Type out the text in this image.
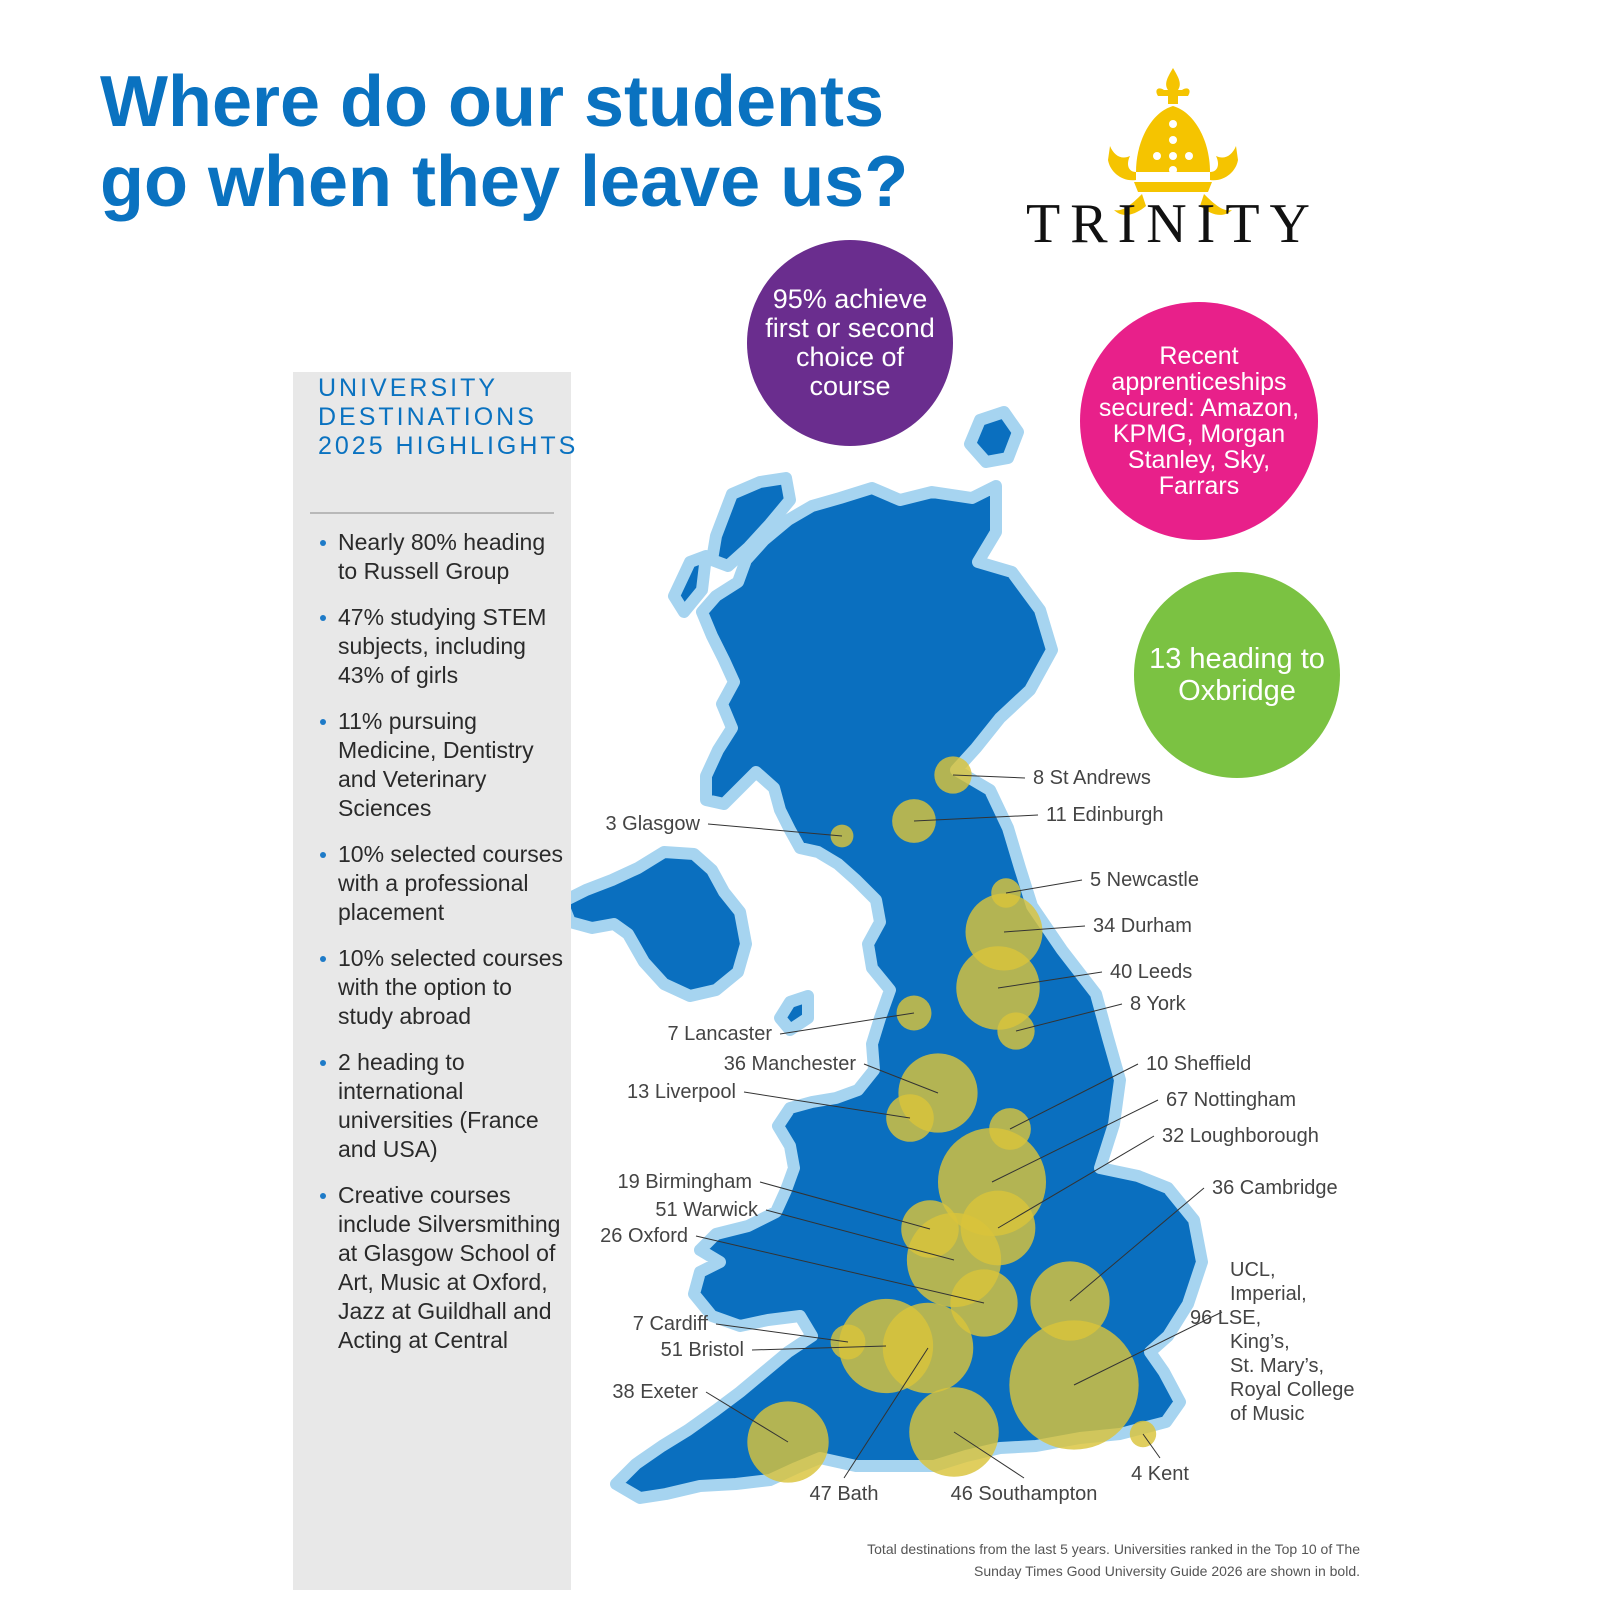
Where do our students go when they leave us?
TRINITY
8 St Andrews
11 Edinburgh
3 Glasgow
5 Newcastle
34 Durham
40 Leeds
8 York
7 Lancaster
36 Manchester
13 Liverpool
10 Sheffield
67 Nottingham
32 Loughborough
19 Birmingham
51 Warwick
26 Oxford
36 Cambridge
7 Cardiff
51 Bristol
38 Exeter
47 Bath	46 Southampton
4 Kent
UCL, Imperial, 96 LSE, King’s, St. Mary’s, Royal College of Music
UNIVERSITY
DESTINATIONS
2025 HIGHLIGHTS
Nearly 80% heading to Russell Group
47% studying STEM subjects, including 43% of girls
11% pursuing Medicine, Dentistry and Veterinary Sciences
10% selected courses with a professional placement
10% selected courses with the option to study abroad
2 heading to international universities (France and USA)
Creative courses include Silversmithing at Glasgow School of Art, Music at Oxford, Jazz at Guildhall and Acting at Central
95% achieve first or second choice of course
Recent apprenticeships secured: Amazon, KPMG, Morgan Stanley, Sky, Farrars
13 heading to Oxbridge
Total destinations from the last 5 years. Universities ranked in the Top 10 of The Sunday Times Good University Guide 2026 are shown in bold.
